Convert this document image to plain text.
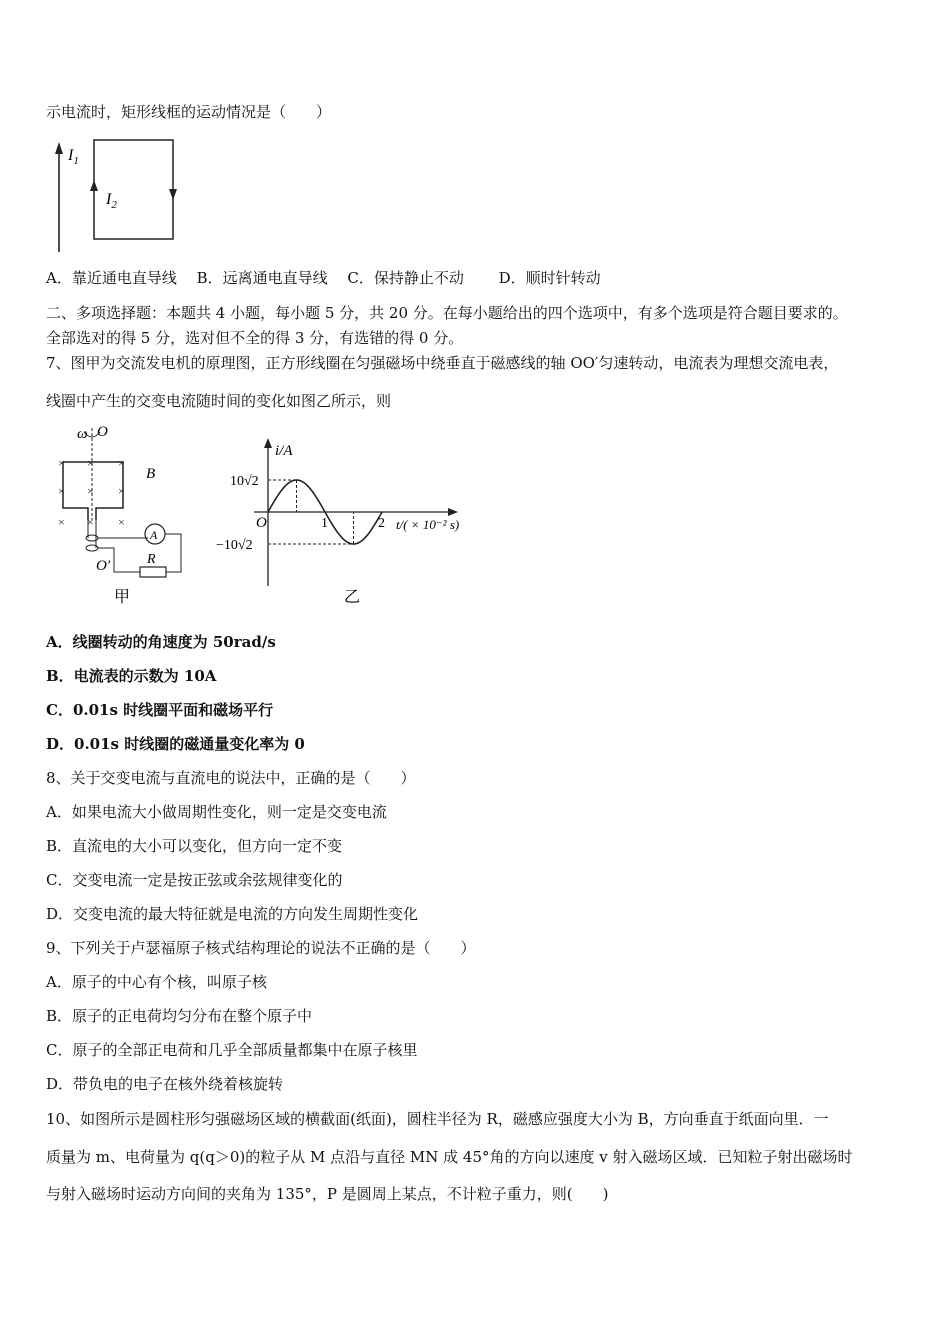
示电流时，矩形线框的运动情况是（　　）
$I_1$
$I_2$
A．靠近通电直导线　 B．远离通电直导线　 C．保持静止不动　　 D．顺时针转动
二、多项选择题：本题共 4 小题，每小题 5 分，共 20 分。在每小题给出的四个选项中，有多个选项是符合题目要求的。
全部选对的得 5 分，选对但不全的得 3 分，有选错的得 0 分。
7、图甲为交流发电机的原理图，正方形线圈在匀强磁场中绕垂直于磁感线的轴 OO′匀速转动，电流表为理想交流电表，
线圈中产生的交变电流随时间的变化如图乙所示，则
ω O
× × ×
× × ×
× × ×
B
A
R
O′
甲
i/A
t/( × 10⁻² s)
O	1	2
10√2
−10√2
乙
A．线圈转动的角速度为 50rad/s
B．电流表的示数为 10A
C．0.01s 时线圈平面和磁场平行
D．0.01s 时线圈的磁通量变化率为 0
8、关于交变电流与直流电的说法中，正确的是（　　）
A．如果电流大小做周期性变化，则一定是交变电流
B．直流电的大小可以变化，但方向一定不变
C．交变电流一定是按正弦或余弦规律变化的
D．交变电流的最大特征就是电流的方向发生周期性变化
9、下列关于卢瑟福原子核式结构理论的说法不正确的是（　　）
A．原子的中心有个核，叫原子核
B．原子的正电荷均匀分布在整个原子中
C．原子的全部正电荷和几乎全部质量都集中在原子核里
D．带负电的电子在核外绕着核旋转
10、如图所示是圆柱形匀强磁场区域的横截面(纸面)，圆柱半径为 R，磁感应强度大小为 B，方向垂直于纸面向里．一
质量为 m、电荷量为 q(q＞0)的粒子从 M 点沿与直径 MN 成 45°角的方向以速度 v 射入磁场区域．已知粒子射出磁场时
与射入磁场时运动方向间的夹角为 135°，P 是圆周上某点，不计粒子重力，则(　　)
